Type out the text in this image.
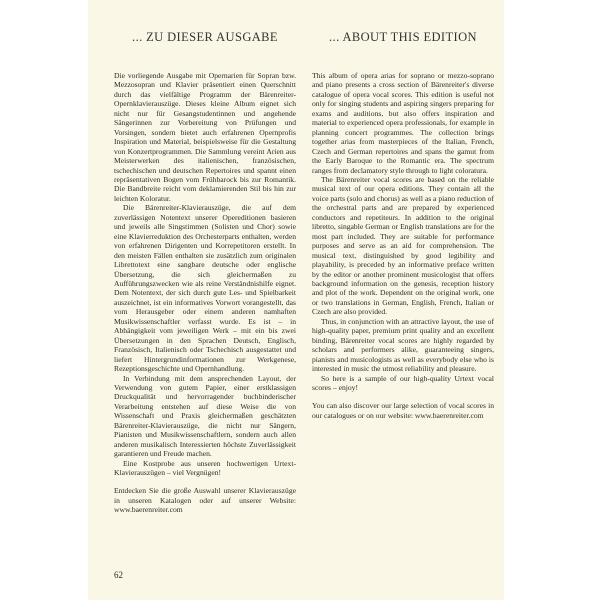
... ZU DIESER AUSGABE

Die vorliegende Ausgabe mit Opernarien für Sopran bzw. Mezzosopran und Klavier präsentiert einen Querschnitt durch das vielfältige Programm der Bärenreiter-Opernklavierauszüge. Dieses kleine Album eignet sich nicht nur für Gesangstudentinnen und angehende Sängerinnen zur Vorbereitung von Prüfungen und Vorsingen, sondern bietet auch erfahrenen Opernprofis Inspiration und Material, beispielsweise für die Gestaltung von Konzertprogrammen. Die Sammlung vereint Arien aus Meisterwerken des italienischen, französischen, tschechischen und deutschen Repertoires und spannt einen repräsentativen Bogen vom Frühbarock bis zur Romantik. Die Bandbreite reicht vom deklamierenden Stil bis hin zur leichten Koloratur.

Die Bärenreiter-Klavierauszüge, die auf dem zuverlässigen Notentext unserer Opereditionen basieren und jeweils alle Singstimmen (Solisten und Chor) sowie eine Klavierreduktion des Orchesterparts enthalten, werden von erfahrenen Dirigenten und Korrepetitoren erstellt. In den meisten Fällen enthalten sie zusätzlich zum originalen Librettotext eine sangbare deutsche oder englische Übersetzung, die sich gleichermaßen zu Aufführungszwecken wie als reine Verständnishilfe eignet. Dem Notentext, der sich durch gute Les- und Spielbarkeit auszeichnet, ist ein informatives Vorwort vorangestellt, das vom Herausgeber oder einem anderen namhaften Musikwissenschaftler verfasst wurde. Es ist – in Abhängigkeit vom jeweiligen Werk – mit ein bis zwei Übersetzungen in den Sprachen Deutsch, Englisch, Französisch, Italienisch oder Tschechisch ausgestattet und liefert Hintergrundinformationen zur Werkgenese, Rezeptionsgeschichte und Opernhandlung.

In Verbindung mit dem ansprechenden Layout, der Verwendung von gutem Papier, einer erstklassigen Druckqualität und hervorragender buchbinderischer Verarbeitung entstehen auf diese Weise die von Wissenschaft und Praxis gleichermaßen geschätzten Bärenreiter-Klavierauszüge, die nicht nur Sängern, Pianisten und Musikwissenschaftlern, sondern auch allen anderen musikalisch Interessierten höchste Zuverlässigkeit garantieren und Freude machen.

Eine Kostprobe aus unseren hochwertigen Urtext-Klavierauszügen – viel Vergnügen!

Entdecken Sie die große Auswahl unserer Klavierauszüge in unseren Katalogen oder auf unserer Website: www.baerenreiter.com

... ABOUT THIS EDITION

This album of opera arias for soprano or mezzo-soprano and piano presents a cross section of Bärenreiter's diverse catalogue of opera vocal scores. This edition is useful not only for singing students and aspiring singers preparing for exams and auditions, but also offers inspiration and material to experienced opera professionals, for example in planning concert programmes. The collection brings together arias from masterpieces of the Italian, French, Czech and German repertoires and spans the gamut from the Early Baroque to the Romantic era. The spectrum ranges from declamatory style through to light coloratura.

The Bärenreiter vocal scores are based on the reliable musical text of our opera editions. They contain all the voice parts (solo and chorus) as well as a piano reduction of the orchestral parts and are prepared by experienced conductors and repetiteurs. In addition to the original libretto, singable German or English translations are for the most part included. They are suitable for performance purposes and serve as an aid for comprehension. The musical text, distinguished by good legibility and playability, is preceded by an informative preface written by the editor or another prominent musicologist that offers background information on the genesis, reception history and plot of the work. Dependent on the original work, one or two translations in German, English, French, Italian or Czech are also provided.

Thus, in conjunction with an attractive layout, the use of high-quality paper, premium print quality and an excellent binding, Bärenreiter vocal scores are highly regarded by scholars and performers alike, guaranteeing singers, pianists and musicologists as well as everybody else who is interested in music the utmost reliability and pleasure.

So here is a sample of our high-quality Urtext vocal scores – enjoy!

You can also discover our large selection of vocal scores in our catalogues or on our website: www.baerenreiter.com

62
